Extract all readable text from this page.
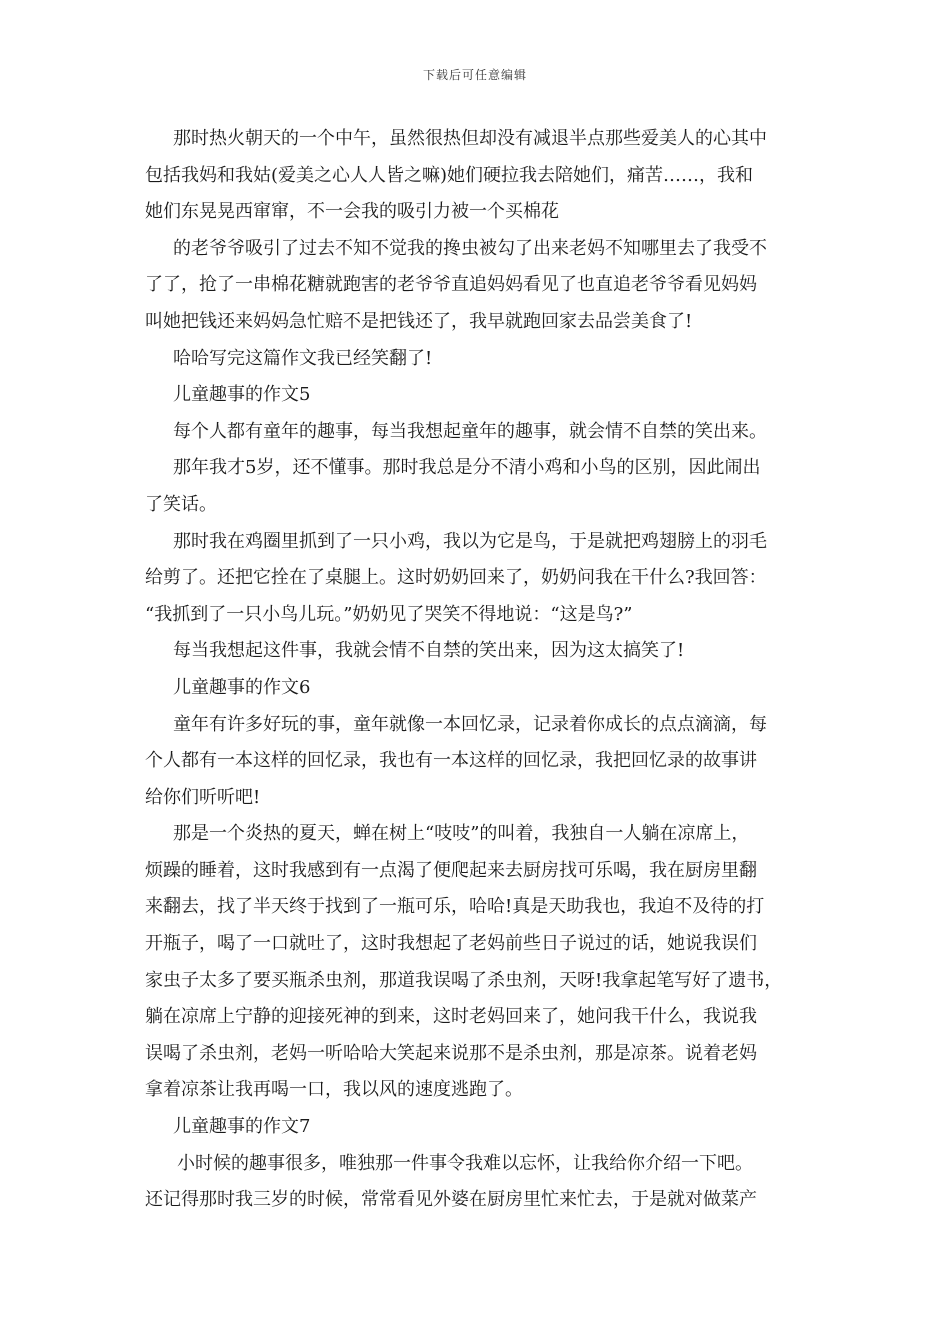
下载后可任意编辑
那时热火朝天的一个中午，虽然很热但却没有减退半点那些爱美人的心其中
包括我妈和我姑(爱美之心人人皆之嘛)她们硬拉我去陪她们，痛苦……，我和
她们东晃晃西窜窜，不一会我的吸引力被一个买棉花
的老爷爷吸引了过去不知不觉我的搀虫被勾了出来老妈不知哪里去了我受不
了了，抢了一串棉花糖就跑害的老爷爷直追妈妈看见了也直追老爷爷看见妈妈
叫她把钱还来妈妈急忙赔不是把钱还了，我早就跑回家去品尝美食了!
哈哈写完这篇作文我已经笑翻了!
儿童趣事的作文5
每个人都有童年的趣事，每当我想起童年的趣事，就会情不自禁的笑出来。
那年我才5岁，还不懂事。那时我总是分不清小鸡和小鸟的区别，因此闹出
了笑话。
那时我在鸡圈里抓到了一只小鸡，我以为它是鸟，于是就把鸡翅膀上的羽毛
给剪了。还把它拴在了桌腿上。这时奶奶回来了，奶奶问我在干什么?我回答：
“我抓到了一只小鸟儿玩。”奶奶见了哭笑不得地说：“这是鸟?”
每当我想起这件事，我就会情不自禁的笑出来，因为这太搞笑了!
儿童趣事的作文6
童年有许多好玩的事，童年就像一本回忆录，记录着你成长的点点滴滴，每
个人都有一本这样的回忆录，我也有一本这样的回忆录，我把回忆录的故事讲
给你们听听吧!
那是一个炎热的夏天，蝉在树上“吱吱”的叫着，我独自一人躺在凉席上，
烦躁的睡着，这时我感到有一点渴了便爬起来去厨房找可乐喝，我在厨房里翻
来翻去，找了半天终于找到了一瓶可乐，哈哈!真是天助我也，我迫不及待的打
开瓶子，喝了一口就吐了，这时我想起了老妈前些日子说过的话，她说我误们
家虫子太多了要买瓶杀虫剂，那道我误喝了杀虫剂，天呀!我拿起笔写好了遗书，
躺在凉席上宁静的迎接死神的到来，这时老妈回来了，她问我干什么，我说我
误喝了杀虫剂，老妈一听哈哈大笑起来说那不是杀虫剂，那是凉茶。说着老妈
拿着凉茶让我再喝一口，我以风的速度逃跑了。
儿童趣事的作文7
小时候的趣事很多，唯独那一件事令我难以忘怀，让我给你介绍一下吧。
还记得那时我三岁的时候，常常看见外婆在厨房里忙来忙去，于是就对做菜产
